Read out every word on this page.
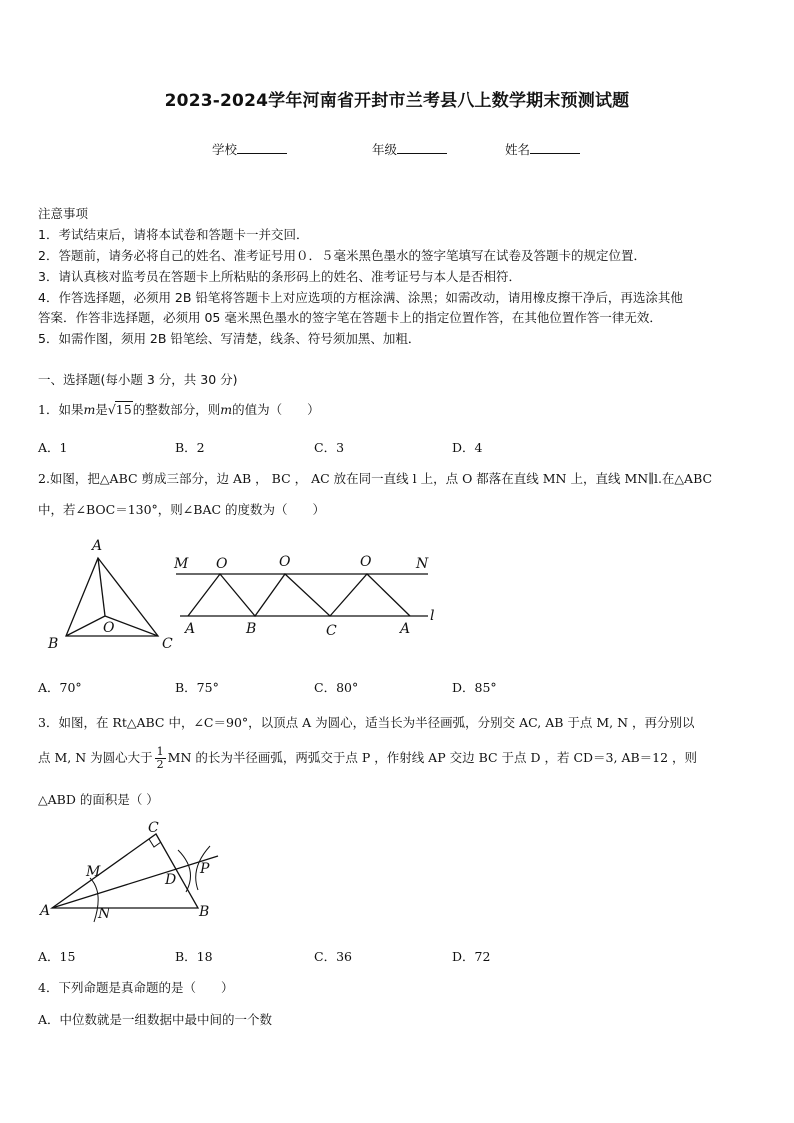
2023-2024学年河南省开封市兰考县八上数学期末预测试题
学校	年级	姓名
注意事项
1．考试结束后，请将本试卷和答题卡一并交回．
2．答题前，请务必将自己的姓名、准考证号用０．５毫米黑色墨水的签字笔填写在试卷及答题卡的规定位置．
3．请认真核对监考员在答题卡上所粘贴的条形码上的姓名、准考证号与本人是否相符．
4．作答选择题，必须用 2B 铅笔将答题卡上对应选项的方框涂满、涂黑；如需改动，请用橡皮擦干净后，再选涂其他
答案．作答非选择题，必须用 05 毫米黑色墨水的签字笔在答题卡上的指定位置作答，在其他位置作答一律无效．
5．如需作图，须用 2B 铅笔绘、写清楚，线条、符号须加黑、加粗．
一、选择题(每小题 3 分，共 30 分)
1．如果m是√15的整数部分，则m的值为（　　）
A．1	B．2	C．3	D．4
2.如图，把△ABC 剪成三部分，边 AB ， BC ， AC 放在同一直线 l 上，点 O 都落在直线 MN 上，直线 MN∥l.在△ABC
中，若∠BOC＝130°，则∠BAC 的度数为（　　）
A
B	C
O
M	N
O	O	O
l
A	B	C	A
A．70°	B．75°	C．80°	D．85°
3．如图，在 Rt△ABC 中，∠C＝90°，以顶点 A 为圆心，适当长为半径画弧，分别交 AC, AB 于点 M, N ，再分别以
点 M, N 为圆心大于 $\frac{1}{2}$ MN 的长为半径画弧，两弧交于点 P ，作射线 AP 交边 BC 于点 D ，若 CD＝3, AB＝12 ，则
△ABD 的面积是（ ）
C
M	D
P
A	N	B
A．15	B．18	C．36	D．72
4．下列命题是真命题的是（　　）
A．中位数就是一组数据中最中间的一个数
